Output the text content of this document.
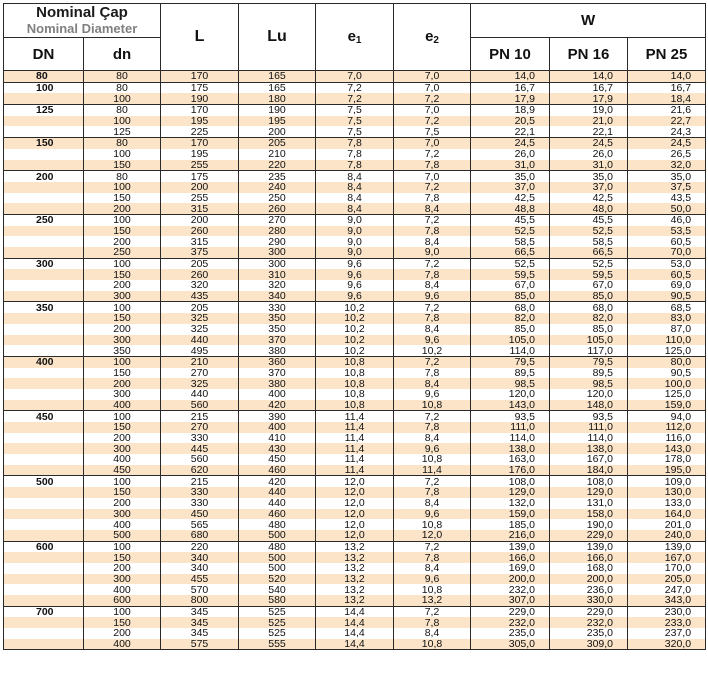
Nominal Çap
Nominal Diameter		L	Lu	$e_1$	$e_2$	W		
DN	dn					PN 10	PN 16	PN 25
80	80	170	165	7,0	7,0	14,0	14,0	14,0
100	80	175	165	7,2	7,0	16,7	16,7	16,7
	100	190	180	7,2	7,2	17,9	17,9	18,4
125	80	170	190	7,5	7,0	18,9	19,0	21,6
	100	195	195	7,5	7,2	20,5	21,0	22,7
	125	225	200	7,5	7,5	22,1	22,1	24,3
150	80	170	205	7,8	7,0	24,5	24,5	24,5
	100	195	210	7,8	7,2	26,0	26,0	26,5
	150	255	220	7,8	7,8	31,0	31,0	32,0
200	80	175	235	8,4	7,0	35,0	35,0	35,0
	100	200	240	8,4	7,2	37,0	37,0	37,5
	150	255	250	8,4	7,8	42,5	42,5	43,5
	200	315	260	8,4	8,4	48,8	48,0	50,0
250	100	200	270	9,0	7,2	45,5	45,5	46,0
	150	260	280	9,0	7,8	52,5	52,5	53,5
	200	315	290	9,0	8,4	58,5	58,5	60,5
	250	375	300	9,0	9,0	66,5	66,5	70,0
300	100	205	300	9,6	7,2	52,5	52,5	53,0
	150	260	310	9,6	7,8	59,5	59,5	60,5
	200	320	320	9,6	8,4	67,0	67,0	69,0
	300	435	340	9,6	9,6	85,0	85,0	90,5
350	100	205	330	10,2	7,2	68,0	68,0	68,5
	150	325	350	10,2	7,8	82,0	82,0	83,0
	200	325	350	10,2	8,4	85,0	85,0	87,0
	300	440	370	10,2	9,6	105,0	105,0	110,0
	350	495	380	10,2	10,2	114,0	117,0	125,0
400	100	210	360	10,8	7,2	79,5	79,5	80,0
	150	270	370	10,8	7,8	89,5	89,5	90,5
	200	325	380	10,8	8,4	98,5	98,5	100,0
	300	440	400	10,8	9,6	120,0	120,0	125,0
	400	560	420	10,8	10,8	143,0	148,0	159,0
450	100	215	390	11,4	7,2	93,5	93,5	94,0
	150	270	400	11,4	7,8	111,0	111,0	112,0
	200	330	410	11,4	8,4	114,0	114,0	116,0
	300	445	430	11,4	9,6	138,0	138,0	143,0
	400	560	450	11,4	10,8	163,0	167,0	178,0
	450	620	460	11,4	11,4	176,0	184,0	195,0
500	100	215	420	12,0	7,2	108,0	108,0	109,0
	150	330	440	12,0	7,8	129,0	129,0	130,0
	200	330	440	12,0	8,4	132,0	131,0	133,0
	300	450	460	12,0	9,6	159,0	158,0	164,0
	400	565	480	12,0	10,8	185,0	190,0	201,0
	500	680	500	12,0	12,0	216,0	229,0	240,0
600	100	220	480	13,2	7,2	139,0	139,0	139,0
	150	340	500	13,2	7,8	166,0	166,0	167,0
	200	340	500	13,2	8,4	169,0	168,0	170,0
	300	455	520	13,2	9,6	200,0	200,0	205,0
	400	570	540	13,2	10,8	232,0	236,0	247,0
	600	800	580	13,2	13,2	307,0	330,0	343,0
700	100	345	525	14,4	7,2	229,0	229,0	230,0
	150	345	525	14,4	7,8	232,0	232,0	233,0
	200	345	525	14,4	8,4	235,0	235,0	237,0
	400	575	555	14,4	10,8	305,0	309,0	320,0
